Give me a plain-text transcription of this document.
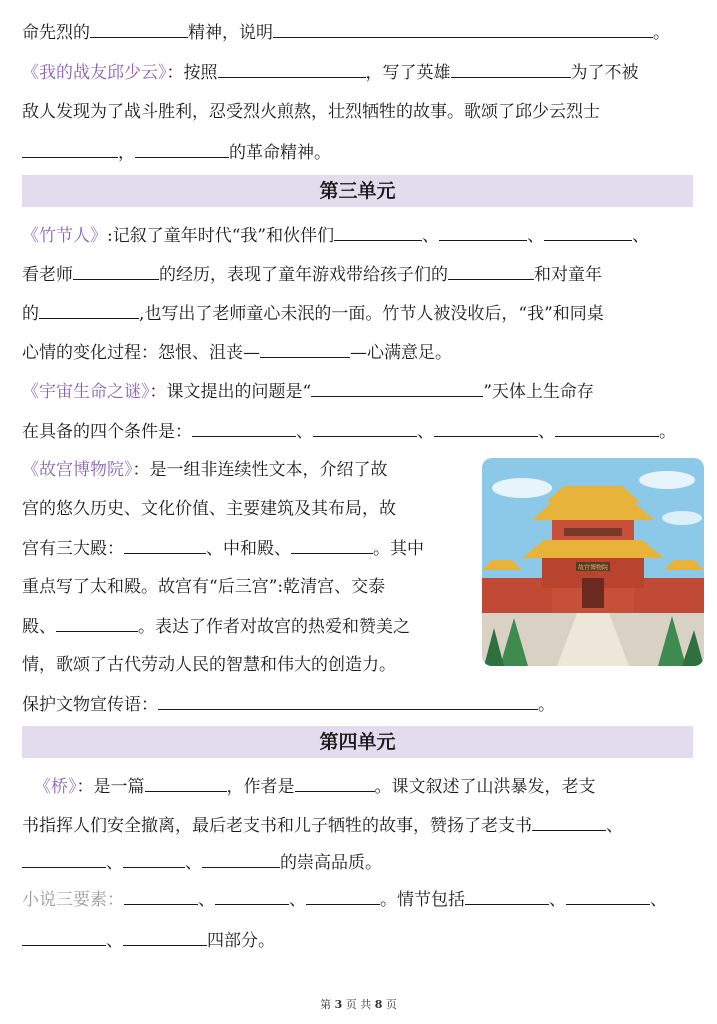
命先烈的	精神，说明	。
《我的战友邱少云》：按照	，写了英雄	为了不被
敌人发现为了战斗胜利，忍受烈火煎熬，壮烈牺牲的故事。歌颂了邱少云烈士
，	的革命精神。
第三单元
《竹节人》:记叙了童年时代“我”和伙伴们	、	、	、
看老师	的经历，表现了童年游戏带给孩子们的	和对童年
的	,也写出了老师童心未泯的一面。竹节人被没收后，“我”和同桌
心情的变化过程：怨恨、沮丧—	—心满意足。
《宇宙生命之谜》：课文提出的问题是“	”天体上生命存
在具备的四个条件是：	、	、	、	。
《故宫博物院》：是一组非连续性文本，介绍了故
宫的悠久历史、文化价值、主要建筑及其布局，故
宫有三大殿：	、中和殿、	。其中
重点写了太和殿。故宫有“后三宫”:乾清宫、交泰
殿、	。表达了作者对故宫的热爱和赞美之
情，歌颂了古代劳动人民的智慧和伟大的创造力。
保护文物宣传语：	。
第四单元
《桥》：是一篇	，作者是	。课文叙述了山洪暴发，老支
书指挥人们安全撤离，最后老支书和儿子牺牲的故事，赞扬了老支书	、
、	、	的崇高品质。
小说三要素：	、	、	。情节包括	、	、
、	四部分。
故宫博物院
第 3 页 共 8 页
